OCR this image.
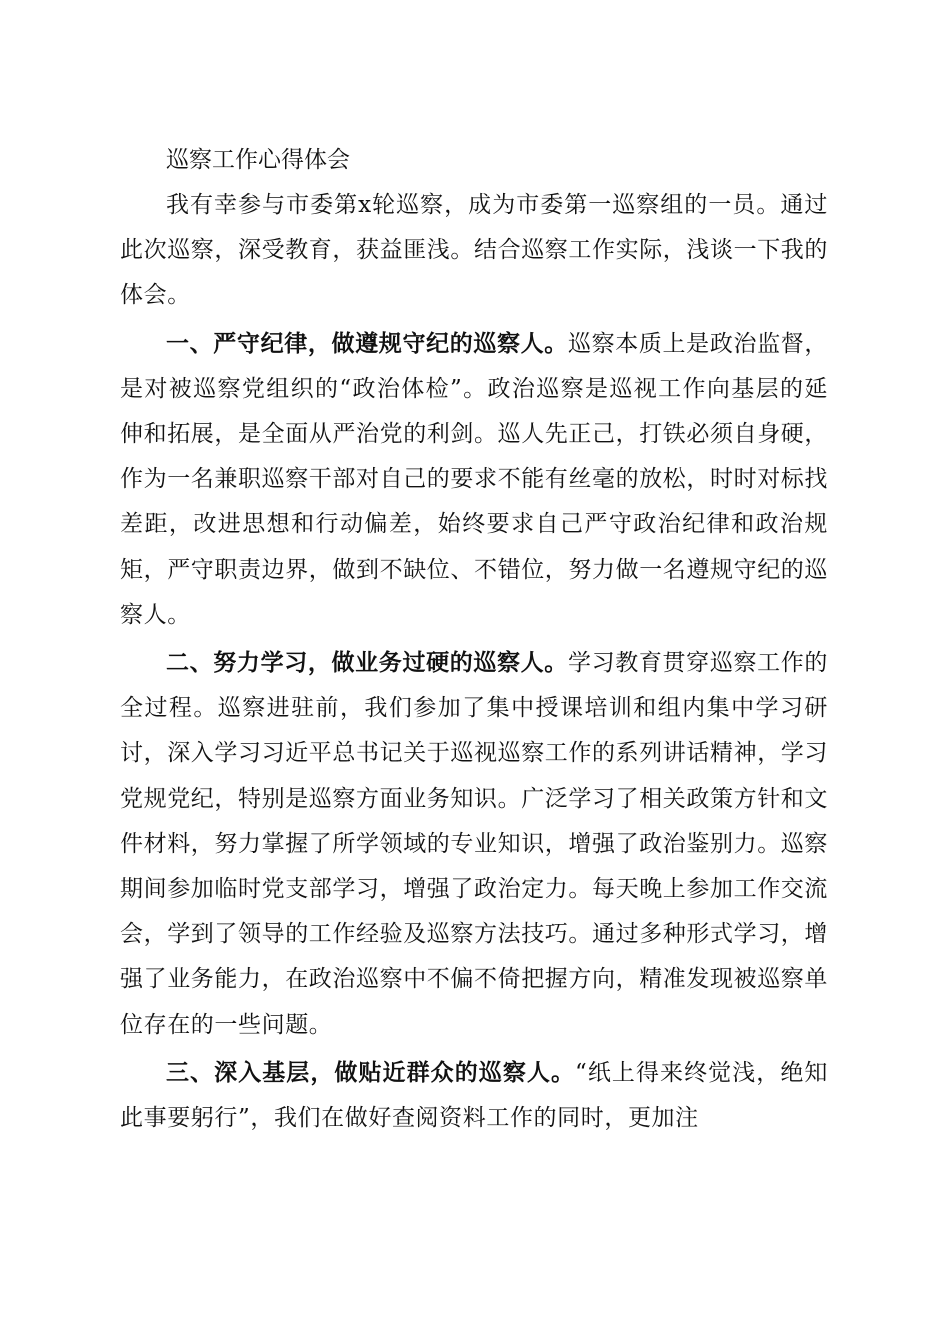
巡察工作心得体会

我有幸参与市委第x轮巡察，成为市委第一巡察组的一员。通过此次巡察，深受教育，获益匪浅。结合巡察工作实际，浅谈一下我的体会。

一、严守纪律，做遵规守纪的巡察人。巡察本质上是政治监督，是对被巡察党组织的“政治体检”。政治巡察是巡视工作向基层的延伸和拓展，是全面从严治党的利剑。巡人先正己，打铁必须自身硬，作为一名兼职巡察干部对自己的要求不能有丝毫的放松，时时对标找差距，改进思想和行动偏差，始终要求自己严守政治纪律和政治规矩，严守职责边界，做到不缺位、不错位，努力做一名遵规守纪的巡察人。

二、努力学习，做业务过硬的巡察人。学习教育贯穿巡察工作的全过程。巡察进驻前，我们参加了集中授课培训和组内集中学习研讨，深入学习习近平总书记关于巡视巡察工作的系列讲话精神，学习党规党纪，特别是巡察方面业务知识。广泛学习了相关政策方针和文件材料，努力掌握了所学领域的专业知识，增强了政治鉴别力。巡察期间参加临时党支部学习，增强了政治定力。每天晚上参加工作交流会，学到了领导的工作经验及巡察方法技巧。通过多种形式学习，增强了业务能力，在政治巡察中不偏不倚把握方向，精准发现被巡察单位存在的一些问题。

三、深入基层，做贴近群众的巡察人。“纸上得来终觉浅，绝知此事要躬行”，我们在做好查阅资料工作的同时，更加注
